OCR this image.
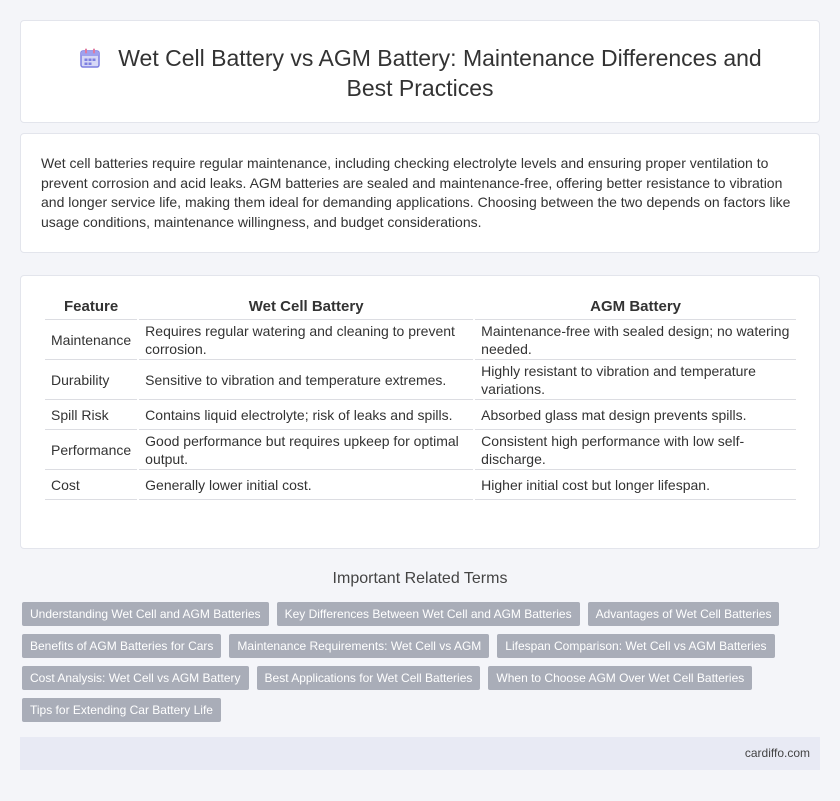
Wet Cell Battery vs AGM Battery: Maintenance Differences and Best Practices

Wet cell batteries require regular maintenance, including checking electrolyte levels and ensuring proper ventilation to prevent corrosion and acid leaks. AGM batteries are sealed and maintenance-free, offering better resistance to vibration and longer service life, making them ideal for demanding applications. Choosing between the two depends on factors like usage conditions, maintenance willingness, and budget considerations.

Feature	Wet Cell Battery	AGM Battery
Maintenance	Requires regular watering and cleaning to prevent corrosion.	Maintenance-free with sealed design; no watering needed.
Durability	Sensitive to vibration and temperature extremes.	Highly resistant to vibration and temperature variations.
Spill Risk	Contains liquid electrolyte; risk of leaks and spills.	Absorbed glass mat design prevents spills.
Performance	Good performance but requires upkeep for optimal output.	Consistent high performance with low self-discharge.
Cost	Generally lower initial cost.	Higher initial cost but longer lifespan.
Important Related Terms
Understanding Wet Cell and AGM Batteries	Key Differences Between Wet Cell and AGM Batteries	Advantages of Wet Cell Batteries
Benefits of AGM Batteries for Cars	Maintenance Requirements: Wet Cell vs AGM	Lifespan Comparison: Wet Cell vs AGM Batteries
Cost Analysis: Wet Cell vs AGM Battery	Best Applications for Wet Cell Batteries	When to Choose AGM Over Wet Cell Batteries
Tips for Extending Car Battery Life
cardiffo.com
